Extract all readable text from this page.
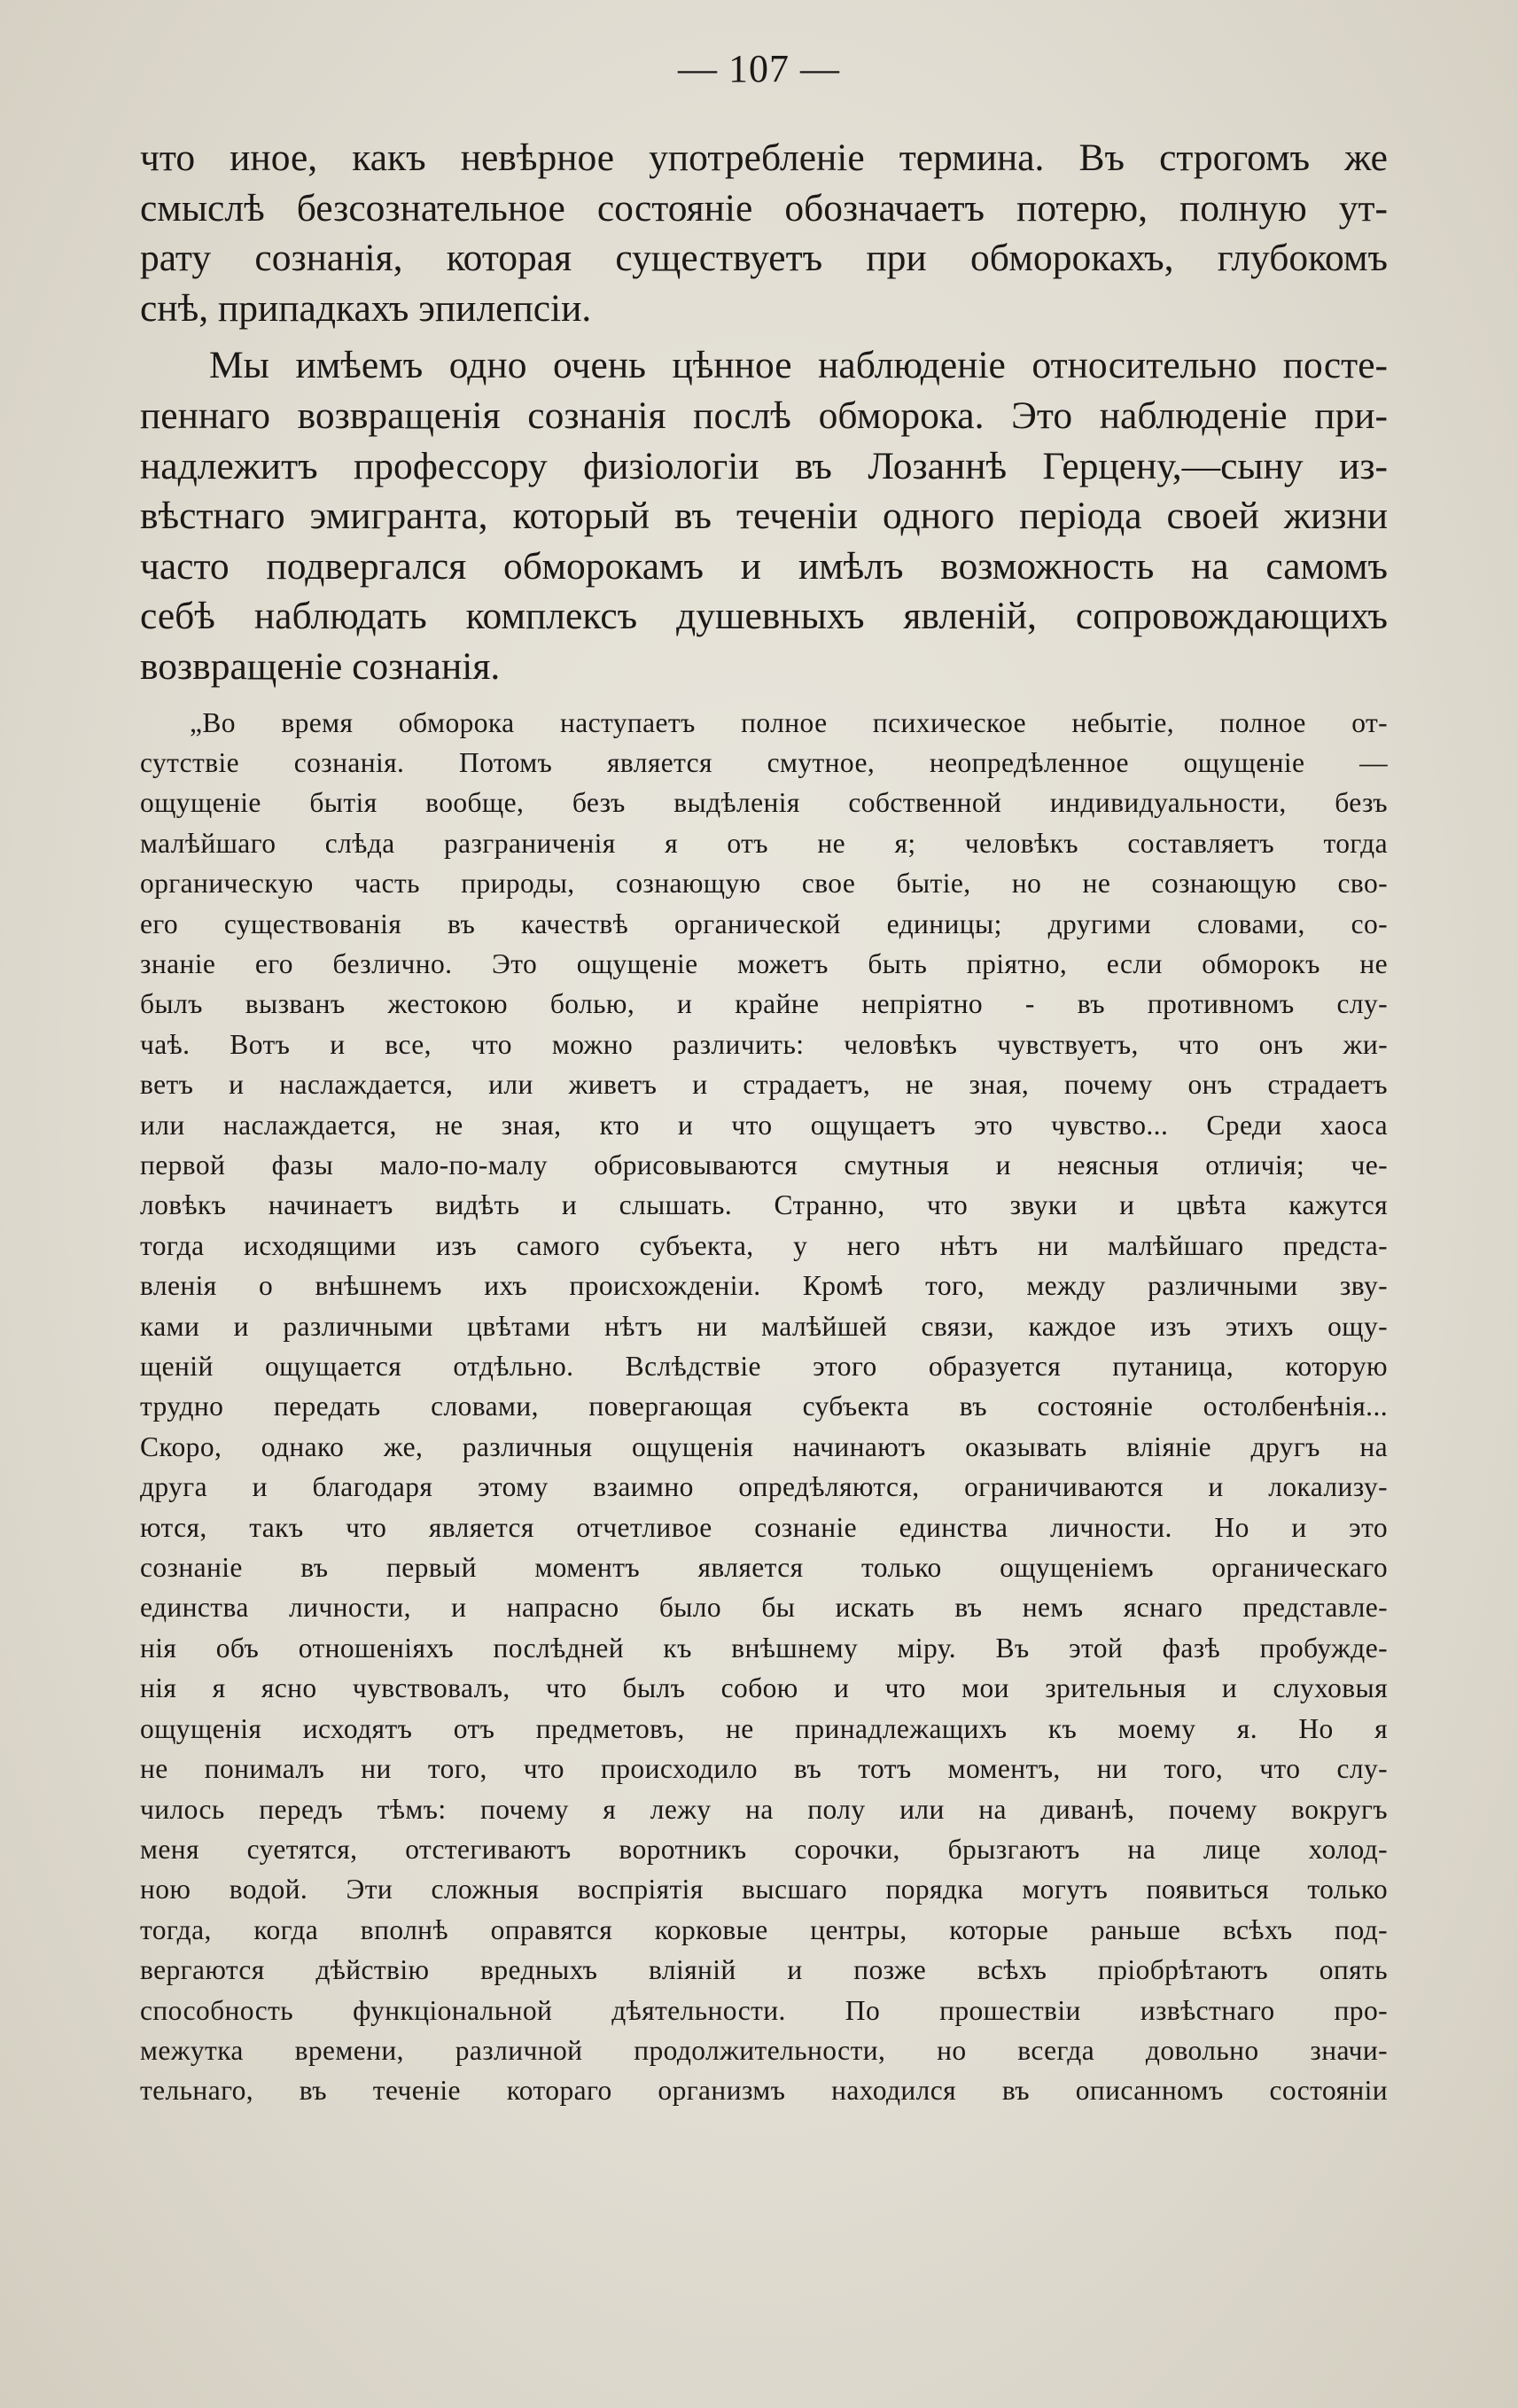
— 107 —
что иное, какъ невѣрное употребленіе термина. Въ строгомъ же
смыслѣ безсознательное состояніе обозначаетъ потерю, полную ут-
рату сознанія, которая существуетъ при обморокахъ, глубокомъ
снѣ, припадкахъ эпилепсіи.
Мы имѣемъ одно очень цѣнное наблюденіе относительно посте-
пеннаго возвращенія сознанія послѣ обморока. Это наблюденіе при-
надлежитъ профессору физіологіи въ Лозаннѣ Герцену,—сыну из-
вѣстнаго эмигранта, который въ теченіи одного періода своей жизни
часто подвергался обморокамъ и имѣлъ возможность на самомъ
себѣ наблюдать комплексъ душевныхъ явленій, сопровождающихъ
возвращеніе сознанія.
„Во время обморока наступаетъ полное психическое небытіе, полное от-
сутствіе сознанія. Потомъ является смутное, неопредѣленное ощущеніе —
ощущеніе бытія вообще, безъ выдѣленія собственной индивидуальности, безъ
малѣйшаго слѣда разграниченія я отъ не я; человѣкъ составляетъ тогда
органическую часть природы, сознающую свое бытіе, но не сознающую сво-
его существованія въ качествѣ органической единицы; другими словами, со-
знаніе его безлично. Это ощущеніе можетъ быть пріятно, если обморокъ не
былъ вызванъ жестокою болью, и крайне непріятно - въ противномъ слу-
чаѣ. Вотъ и все, что можно различить: человѣкъ чувствуетъ, что онъ жи-
ветъ и наслаждается, или живетъ и страдаетъ, не зная, почему онъ страдаетъ
или наслаждается, не зная, кто и что ощущаетъ это чувство... Среди хаоса
первой фазы мало-по-малу обрисовываются смутныя и неясныя отличія; че-
ловѣкъ начинаетъ видѣть и слышать. Странно, что звуки и цвѣта кажутся
тогда исходящими изъ самого субъекта, у него нѣтъ ни малѣйшаго предста-
вленія о внѣшнемъ ихъ происхожденіи. Кромѣ того, между различными зву-
ками и различными цвѣтами нѣтъ ни малѣйшей связи, каждое изъ этихъ ощу-
щеній ощущается отдѣльно. Вслѣдствіе этого образуется путаница, которую
трудно передать словами, повергающая субъекта въ состояніе остолбенѣнія...
Скоро, однако же, различныя ощущенія начинаютъ оказывать вліяніе другъ на
друга и благодаря этому взаимно опредѣляются, ограничиваются и локализу-
ются, такъ что является отчетливое сознаніе единства личности. Но и это
сознаніе въ первый моментъ является только ощущеніемъ органическаго
единства личности, и напрасно было бы искать въ немъ яснаго представле-
нія объ отношеніяхъ послѣдней къ внѣшнему міру. Въ этой фазѣ пробужде-
нія я ясно чувствовалъ, что былъ собою и что мои зрительныя и слуховыя
ощущенія исходятъ отъ предметовъ, не принадлежащихъ къ моему я. Но я
не понималъ ни того, что происходило въ тотъ моментъ, ни того, что слу-
чилось передъ тѣмъ: почему я лежу на полу или на диванѣ, почему вокругъ
меня суетятся, отстегиваютъ воротникъ сорочки, брызгаютъ на лице холод-
ною водой. Эти сложныя воспріятія высшаго порядка могутъ появиться только
тогда, когда вполнѣ оправятся корковые центры, которые раньше всѣхъ под-
вергаются дѣйствію вредныхъ вліяній и позже всѣхъ пріобрѣтаютъ опять
способность функціональной дѣятельности. По прошествіи извѣстнаго про-
межутка времени, различной продолжительности, но всегда довольно значи-
тельнаго, въ теченіе котораго организмъ находился въ описанномъ состояніи
